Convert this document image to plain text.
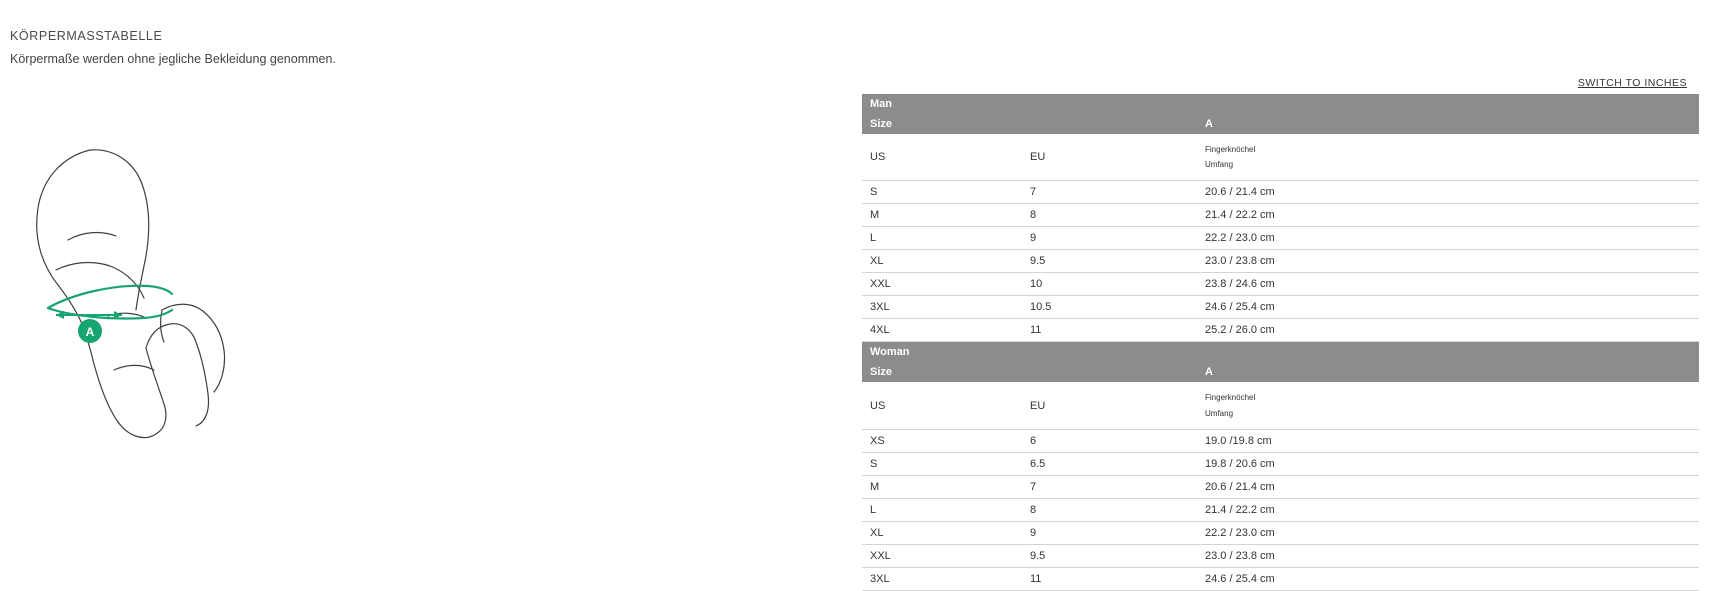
KÖRPERMASSTABELLE
Körpermaße werden ohne jegliche Bekleidung genommen.
SWITCH TO INCHES
A
Man		
Size		A
US	EU	Fingerknöchel
Umfang

S	7	20.6 / 21.4 cm
M	8	21.4 / 22.2 cm
L	9	22.2 / 23.0 cm
XL	9.5	23.0 / 23.8 cm
XXL	10	23.8 / 24.6 cm
3XL	10.5	24.6 / 25.4 cm
4XL	11	25.2 / 26.0 cm
Woman		
Size		A
US	EU	Fingerknöchel
Umfang

XS	6	19.0 /19.8 cm
S	6.5	19.8 / 20.6 cm
M	7	20.6 / 21.4 cm
L	8	21.4 / 22.2 cm
XL	9	22.2 / 23.0 cm
XXL	9.5	23.0 / 23.8 cm
3XL	11	24.6 / 25.4 cm
